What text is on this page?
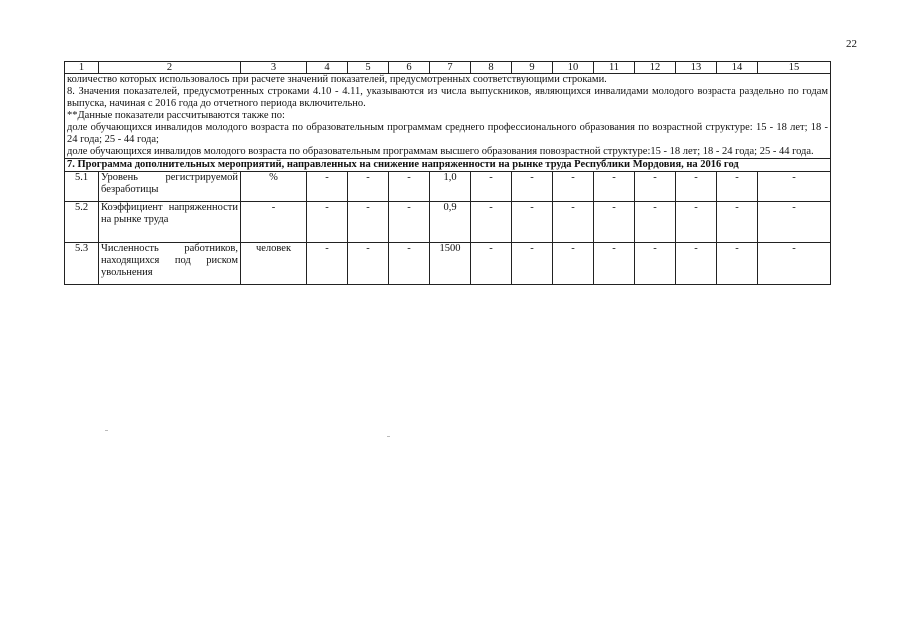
22
1	2	3	4	5	6	7	8	9	10	11	12	13	14	15

количество которых использовалось при расчете значений показателей, предусмотренных соответствующими строками.

8. Значения показателей, предусмотренных строками 4.10 - 4.11, указываются из числа выпускников, являющихся инвалидами молодого возраста раздельно по годам выпуска, начиная с 2016 года до отчетного периода включительно.

**Данные показатели рассчитываются также по:

доле обучающихся инвалидов молодого возраста по образовательным программам среднего профессионального образования по возрастной структуре: 15 - 18 лет; 18 - 24 года; 25 - 44 года;

доле обучающихся инвалидов молодого возраста по образовательным программам высшего образования повозрастной структуре:15 - 18 лет; 18 - 24 года; 25 - 44 года.														

7. Программа дополнительных мероприятий, направленных на снижение напряженности на рынке труда Республики Мордовия, на 2016 год														

5.1	Уровень регистрируемой безработицы	%	-	-	-	1,0	-	-	-	-	-	-	-	-
5.2	Коэффициент напряженности на рынке труда	-	-	-	-	0,9	-	-	-	-	-	-	-	-
5.3	Численность работников, находящихся под риском увольнения	человек	-	-	-	1500	-	-	-	-	-	-	-	-
